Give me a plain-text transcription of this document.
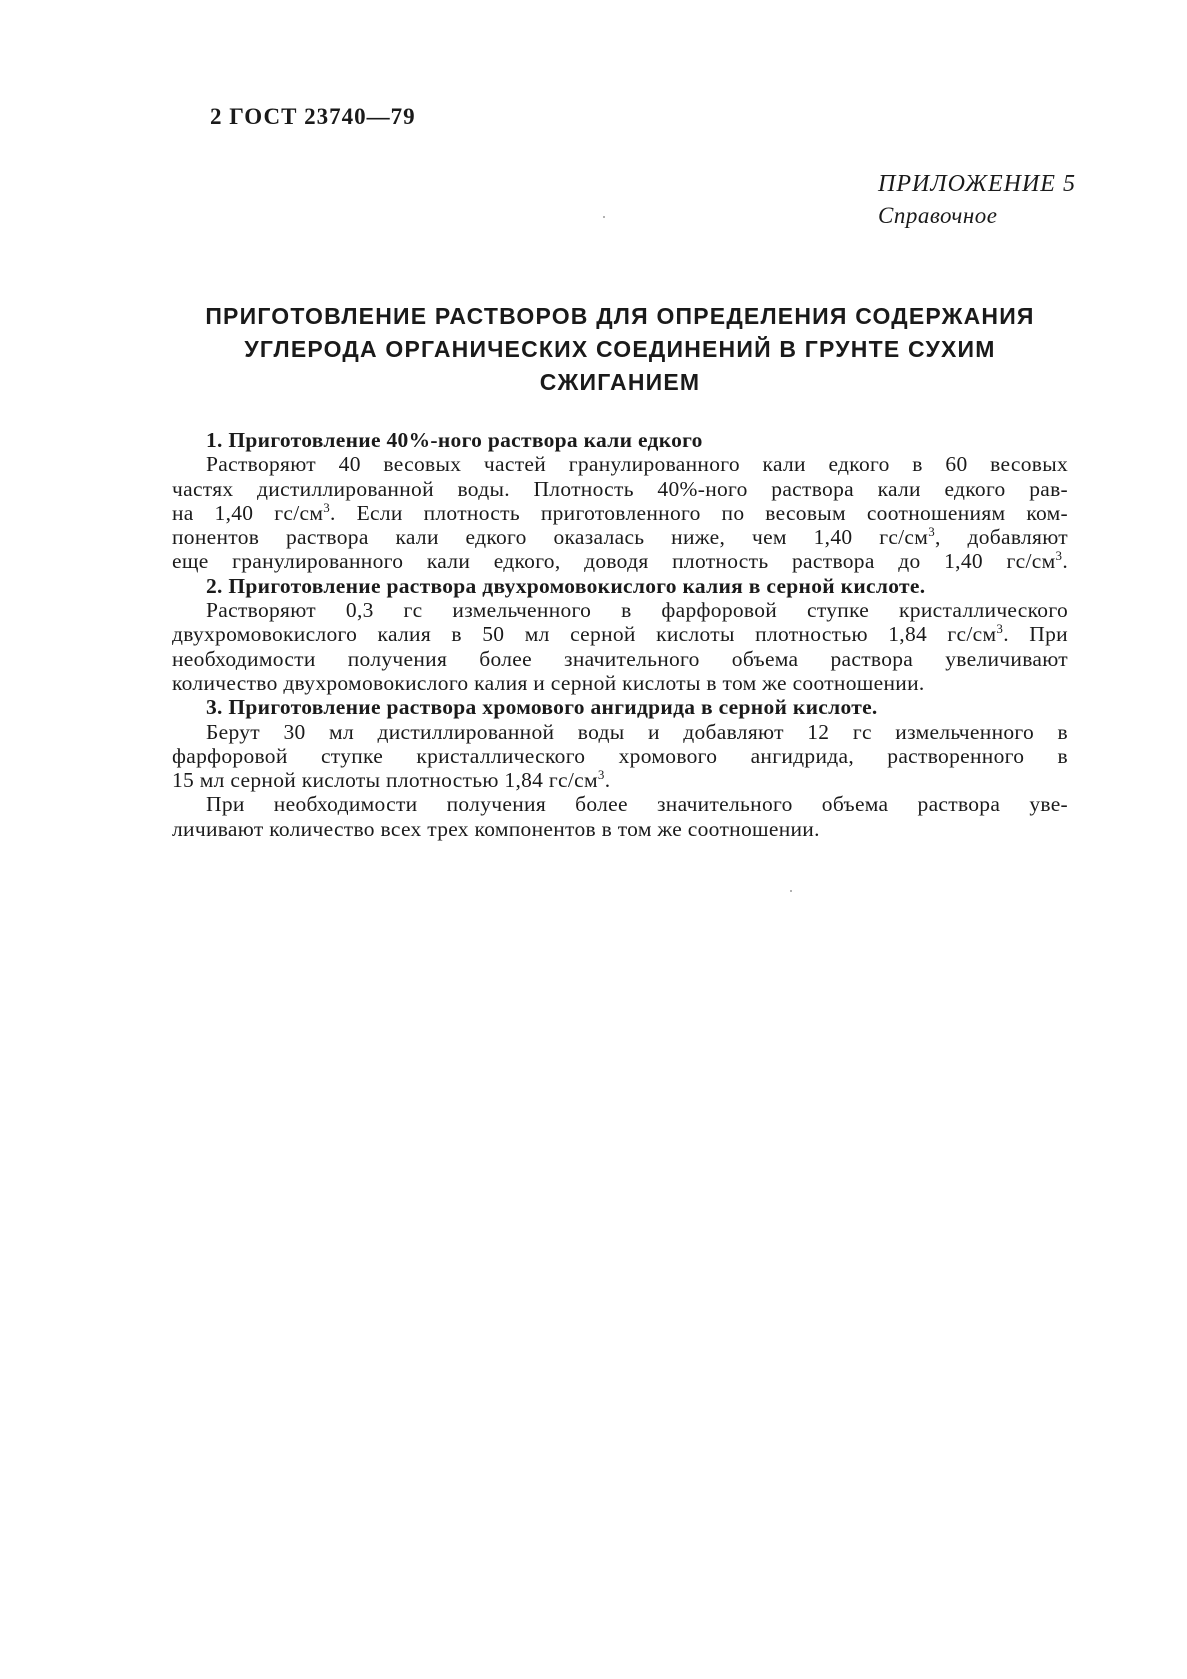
2 ГОСТ 23740—79
ПРИЛОЖЕНИЕ 5
Справочное
ПРИГОТОВЛЕНИЕ РАСТВОРОВ ДЛЯ ОПРЕДЕЛЕНИЯ СОДЕРЖАНИЯ
УГЛЕРОДА ОРГАНИЧЕСКИХ СОЕДИНЕНИЙ В ГРУНТЕ СУХИМ
СЖИГАНИЕМ
1. Приготовление 40%-ного раствора кали едкого
Растворяют 40 весовых частей гранулированного кали едкого в 60 весовых
частях дистиллированной воды. Плотность 40%-ного раствора кали едкого рав-
на 1,40 $гс/см^3$. Если плотность приготовленного по весовым соотношениям ком-
понентов раствора кали едкого оказалась ниже, чем 1,40 $гс/см^3$, добавляют
еще гранулированного кали едкого, доводя плотность раствора до 1,40 $гс/см^3$.
2. Приготовление раствора двухромовокислого калия в серной кислоте.
Растворяют 0,3 гс измельченного в фарфоровой ступке кристаллического
двухромовокислого калия в 50 мл серной кислоты плотностью 1,84 $гс/см^3$. При
необходимости получения более значительного объема раствора увеличивают
количество двухромовокислого калия и серной кислоты в том же соотношении.
3. Приготовление раствора хромового ангидрида в серной кислоте.
Берут 30 мл дистиллированной воды и добавляют 12 гс измельченного в
фарфоровой ступке кристаллического хромового ангидрида, растворенного в
15 мл серной кислоты плотностью 1,84 $гс/см^3$.
При необходимости получения более значительного объема раствора уве-
личивают количество всех трех компонентов в том же соотношении.
